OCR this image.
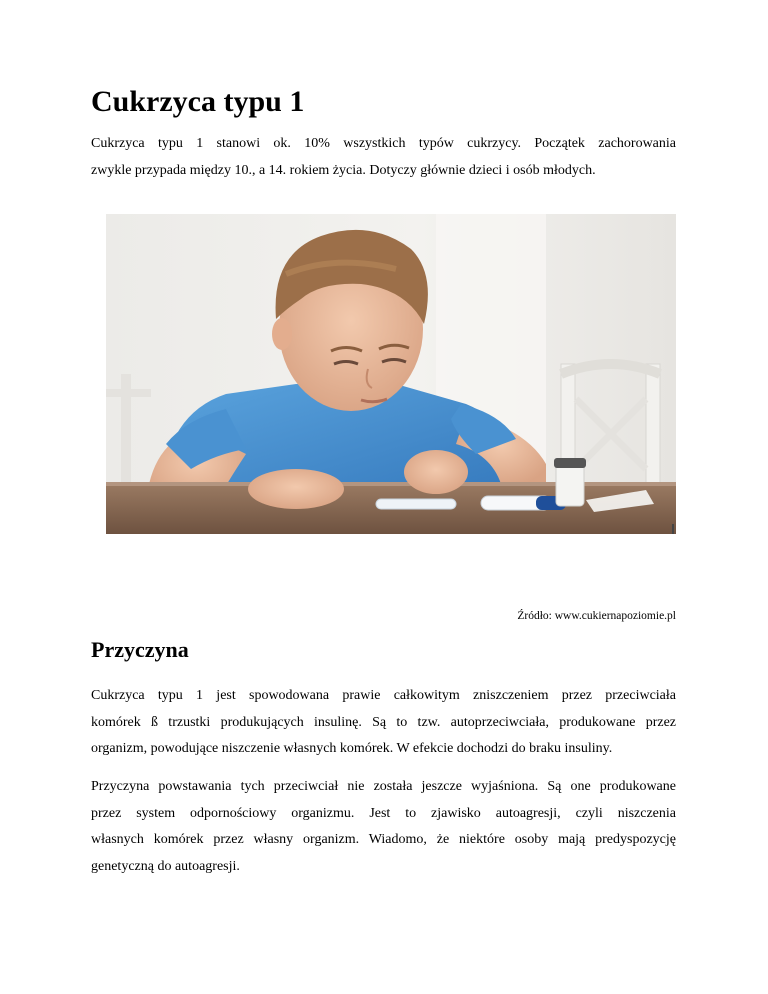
Cukrzyca typu 1

Cukrzyca typu 1 stanowi ok. 10% wszystkich typów cukrzycy. Początek zachorowania
zwykle przypada między 10., a 14. rokiem życia. Dotyczy głównie dzieci i osób młodych.

Źródło: www.cukiernapoziomie.pl

Przyczyna

Cukrzyca typu 1 jest spowodowana prawie całkowitym zniszczeniem przez przeciwciała
komórek ß trzustki produkujących insulinę. Są to tzw. autoprzeciwciała, produkowane przez
organizm, powodujące niszczenie własnych komórek. W efekcie dochodzi do braku insuliny.

Przyczyna powstawania tych przeciwciał nie została jeszcze wyjaśniona. Są one produkowane
przez system odpornościowy organizmu. Jest to zjawisko autoagresji, czyli niszczenia
własnych komórek przez własny organizm. Wiadomo, że niektóre osoby mają predyspozycję
genetyczną do autoagresji.
